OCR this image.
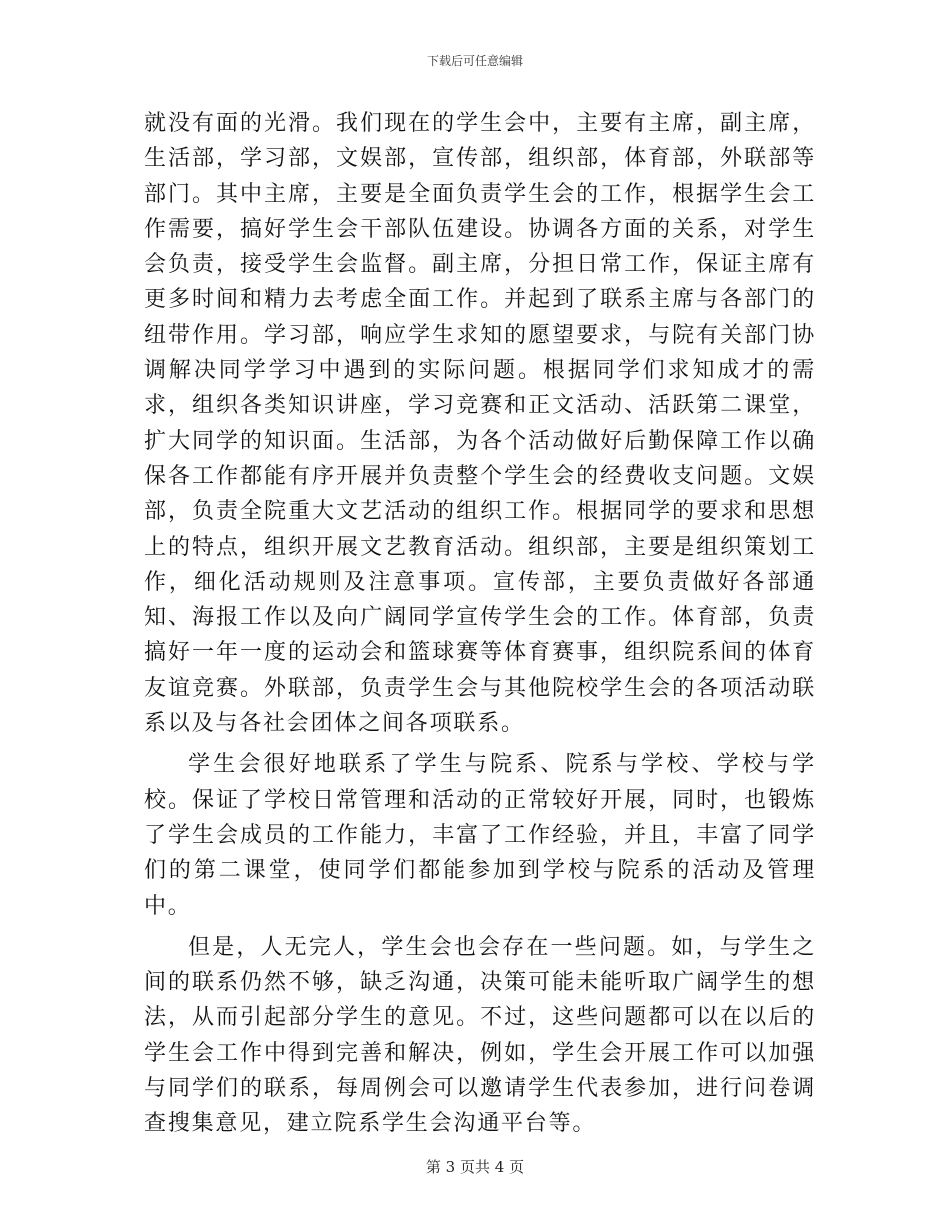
下载后可任意编辑

就没有面的光滑。我们现在的学生会中，主要有主席，副主席，生活部，学习部，文娱部，宣传部，组织部，体育部，外联部等部门。其中主席，主要是全面负责学生会的工作，根据学生会工作需要，搞好学生会干部队伍建设。协调各方面的关系，对学生会负责，接受学生会监督。副主席，分担日常工作，保证主席有更多时间和精力去考虑全面工作。并起到了联系主席与各部门的纽带作用。学习部，响应学生求知的愿望要求，与院有关部门协调解决同学学习中遇到的实际问题。根据同学们求知成才的需求，组织各类知识讲座，学习竞赛和正文活动、活跃第二课堂，扩大同学的知识面。生活部，为各个活动做好后勤保障工作以确保各工作都能有序开展并负责整个学生会的经费收支问题。文娱部，负责全院重大文艺活动的组织工作。根据同学的要求和思想上的特点，组织开展文艺教育活动。组织部，主要是组织策划工作，细化活动规则及注意事项。宣传部，主要负责做好各部通知、海报工作以及向广阔同学宣传学生会的工作。体育部，负责搞好一年一度的运动会和篮球赛等体育赛事，组织院系间的体育友谊竞赛。外联部，负责学生会与其他院校学生会的各项活动联系以及与各社会团体之间各项联系。

学生会很好地联系了学生与院系、院系与学校、学校与学校。保证了学校日常管理和活动的正常较好开展，同时，也锻炼了学生会成员的工作能力，丰富了工作经验，并且，丰富了同学们的第二课堂，使同学们都能参加到学校与院系的活动及管理中。

但是，人无完人，学生会也会存在一些问题。如，与学生之间的联系仍然不够，缺乏沟通，决策可能未能听取广阔学生的想法，从而引起部分学生的意见。不过，这些问题都可以在以后的学生会工作中得到完善和解决，例如，学生会开展工作可以加强与同学们的联系，每周例会可以邀请学生代表参加，进行问卷调查搜集意见，建立院系学生会沟通平台等。

第 3 页共 4 页
